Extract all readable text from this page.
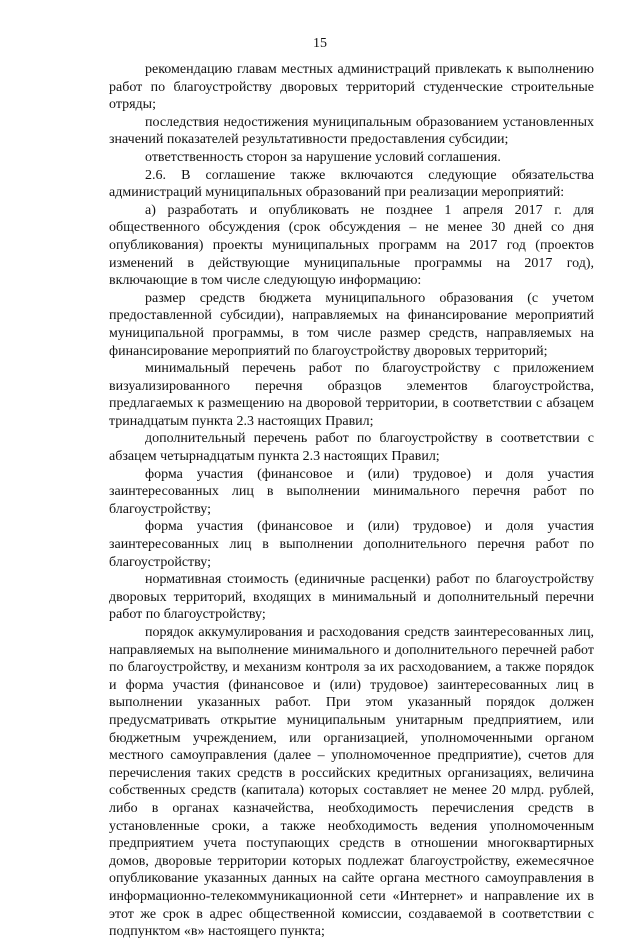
15

рекомендацию главам местных администраций привлекать к выполнению работ по благоустройству дворовых территорий студенческие строительные отряды;

последствия недостижения муниципальным образованием установленных значений показателей результативности предоставления субсидии;

ответственность сторон за нарушение условий соглашения.

2.6. В соглашение также включаются следующие обязательства администраций муниципальных образований при реализации мероприятий:

а) разработать и опубликовать не позднее 1 апреля 2017 г. для общественного обсуждения (срок обсуждения – не менее 30 дней со дня опубликования) проекты муниципальных программ на 2017 год (проектов изменений в действующие муниципальные программы на 2017 год), включающие в том числе следующую информацию:

размер средств бюджета муниципального образования (с учетом предоставленной субсидии), направляемых на финансирование мероприятий муниципальной программы, в том числе размер средств, направляемых на финансирование мероприятий по благоустройству дворовых территорий;

минимальный перечень работ по благоустройству с приложением визуализированного перечня образцов элементов благоустройства, предлагаемых к размещению на дворовой территории, в соответствии с абзацем тринадцатым пункта 2.3 настоящих Правил;

дополнительный перечень работ по благоустройству в соответствии с абзацем четырнадцатым пункта 2.3 настоящих Правил;

форма участия (финансовое и (или) трудовое) и доля участия заинтересованных лиц в выполнении минимального перечня работ по благоустройству;

форма участия (финансовое и (или) трудовое) и доля участия заинтересованных лиц в выполнении дополнительного перечня работ по благоустройству;

нормативная стоимость (единичные расценки) работ по благоустройству дворовых территорий, входящих в минимальный и дополнительный перечни работ по благоустройству;

порядок аккумулирования и расходования средств заинтересованных лиц, направляемых на выполнение минимального и дополнительного перечней работ по благоустройству, и механизм контроля за их расходованием, а также порядок и форма участия (финансовое и (или) трудовое) заинтересованных лиц в выполнении указанных работ. При этом указанный порядок должен предусматривать открытие муниципальным унитарным предприятием, или бюджетным учреждением, или организацией, уполномоченными органом местного самоуправления (далее – уполномоченное предприятие), счетов для перечисления таких средств в российских кредитных организациях, величина собственных средств (капитала) которых составляет не менее 20 млрд. рублей, либо в органах казначейства, необходимость перечисления средств в установленные сроки, а также необходимость ведения уполномоченным предприятием учета поступающих средств в отношении многоквартирных домов, дворовые территории которых подлежат благоустройству, ежемесячное опубликование указанных данных на сайте органа местного самоуправления в информационно-телекоммуникационной сети «Интернет» и направление их в этот же срок в адрес общественной комиссии, создаваемой в соответствии с подпунктом «в» настоящего пункта;
